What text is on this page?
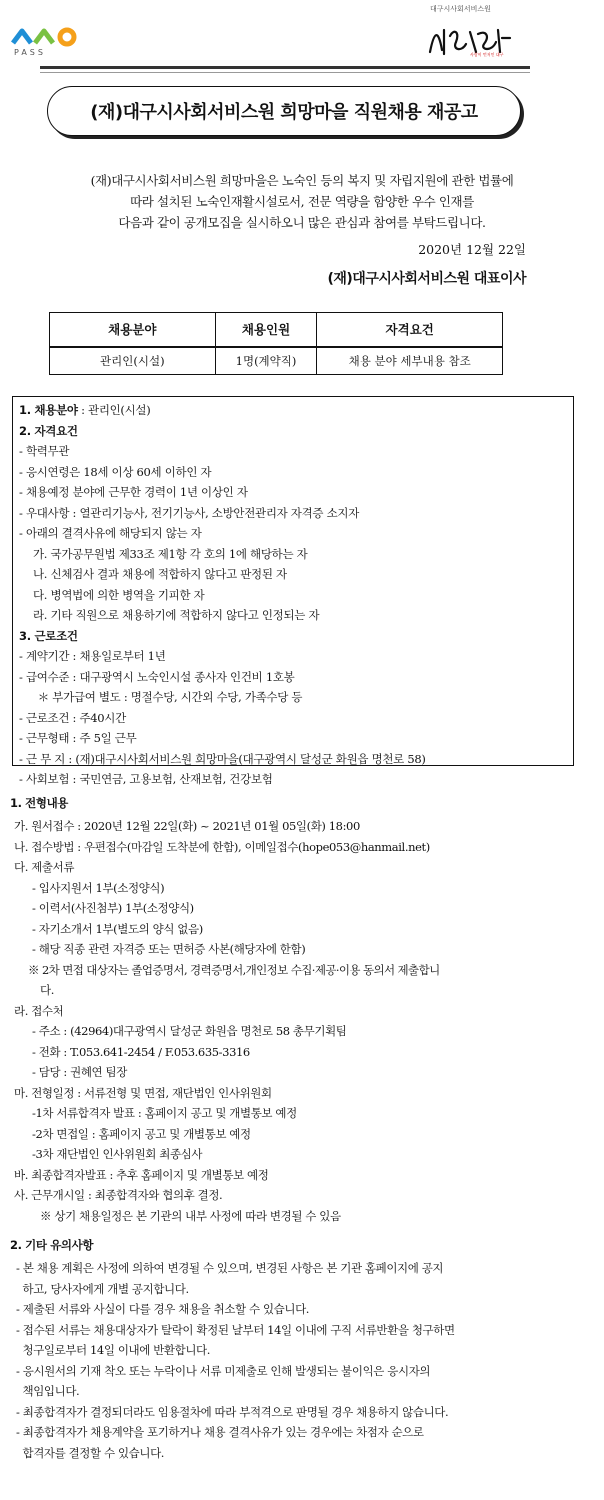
PASS	사람이 먼저인 대구
대구시사회서비스원
(재)대구시사회서비스원 희망마을 직원채용 재공고
(재)대구시사회서비스원 희망마을은 노숙인 등의 복지 및 자립지원에 관한 법률에
따라 설치된 노숙인재활시설로서, 전문 역량을 함양한 우수 인재를
다음과 같이 공개모집을 실시하오니 많은 관심과 참여를 부탁드립니다.
2020년 12월 22일
(재)대구시사회서비스원 대표이사
채용분야	채용인원	자격요건
관리인(시설)	1명(계약직)	채용 분야 세부내용 참조
1. 채용분야 : 관리인(시설)
2. 자격요건
- 학력무관
- 응시연령은 18세 이상 60세 이하인 자
- 채용예정 분야에 근무한 경력이 1년 이상인 자
- 우대사항 : 열관리기능사, 전기기능사, 소방안전관리자 자격증 소지자
- 아래의 결격사유에 해당되지 않는 자
가. 국가공무원법 제33조 제1항 각 호의 1에 해당하는 자
나. 신체검사 결과 채용에 적합하지 않다고 판정된 자
다. 병역법에 의한 병역을 기피한 자
라. 기타 직원으로 채용하기에 적합하지 않다고 인정되는 자
3. 근로조건
- 계약기간 : 채용일로부터 1년
- 급여수준 : 대구광역시 노숙인시설 종사자 인건비 1호봉
＊ 부가급여 별도 : 명절수당, 시간외 수당, 가족수당 등
- 근로조건 : 주40시간
- 근무형태 : 주 5일 근무
- 근 무 지 : (재)대구시사회서비스원 희망마을(대구광역시 달성군 화원읍 명천로 58)
- 사회보험 : 국민연금, 고용보험, 산재보험, 건강보험
1. 전형내용
가. 원서접수 : 2020년 12월 22일(화) ~ 2021년 01월 05일(화) 18:00
나. 접수방법 : 우편접수(마감일 도착분에 한함), 이메일접수(hope053@hanmail.net)
다. 제출서류
- 입사지원서 1부(소정양식)
- 이력서(사진첨부) 1부(소정양식)
- 자기소개서 1부(별도의 양식 없음)
- 해당 직종 관련 자격증 또는 면허증 사본(해당자에 한함)
※ 2차 면접 대상자는 졸업증명서, 경력증명서,개인정보 수집·제공·이용 동의서 제출합니
다.
라. 접수처
- 주소 : (42964)대구광역시 달성군 화원읍 명천로 58 총무기획팀
- 전화 : T.053.641-2454 / F.053.635-3316
- 담당 : 권혜연 팀장
마. 전형일정 : 서류전형 및 면접, 재단법인 인사위원회
-1차 서류합격자 발표 : 홈페이지 공고 및 개별통보 예정
-2차 면접일 : 홈페이지 공고 및 개별통보 예정
-3차 재단법인 인사위원회 최종심사
바. 최종합격자발표 : 추후 홈페이지 및 개별통보 예정
사. 근무개시일 : 최종합격자와 협의후 결정.
※ 상기 채용일정은 본 기관의 내부 사정에 따라 변경될 수 있음
2. 기타 유의사항
- 본 채용 계획은 사정에 의하여 변경될 수 있으며, 변경된 사항은 본 기관 홈페이지에 공지
하고, 당사자에게 개별 공지합니다.
- 제출된 서류와 사실이 다를 경우 채용을 취소할 수 있습니다.
- 접수된 서류는 채용대상자가 탈락이 확정된 날부터 14일 이내에 구직 서류반환을 청구하면
청구일로부터 14일 이내에 반환합니다.
- 응시원서의 기재 착오 또는 누락이나 서류 미제출로 인해 발생되는 불이익은 응시자의
책임입니다.
- 최종합격자가 결정되더라도 임용절차에 따라 부적격으로 판명될 경우 채용하지 않습니다.
- 최종합격자가 채용계약을 포기하거나 채용 결격사유가 있는 경우에는 차점자 순으로
합격자를 결정할 수 있습니다.
